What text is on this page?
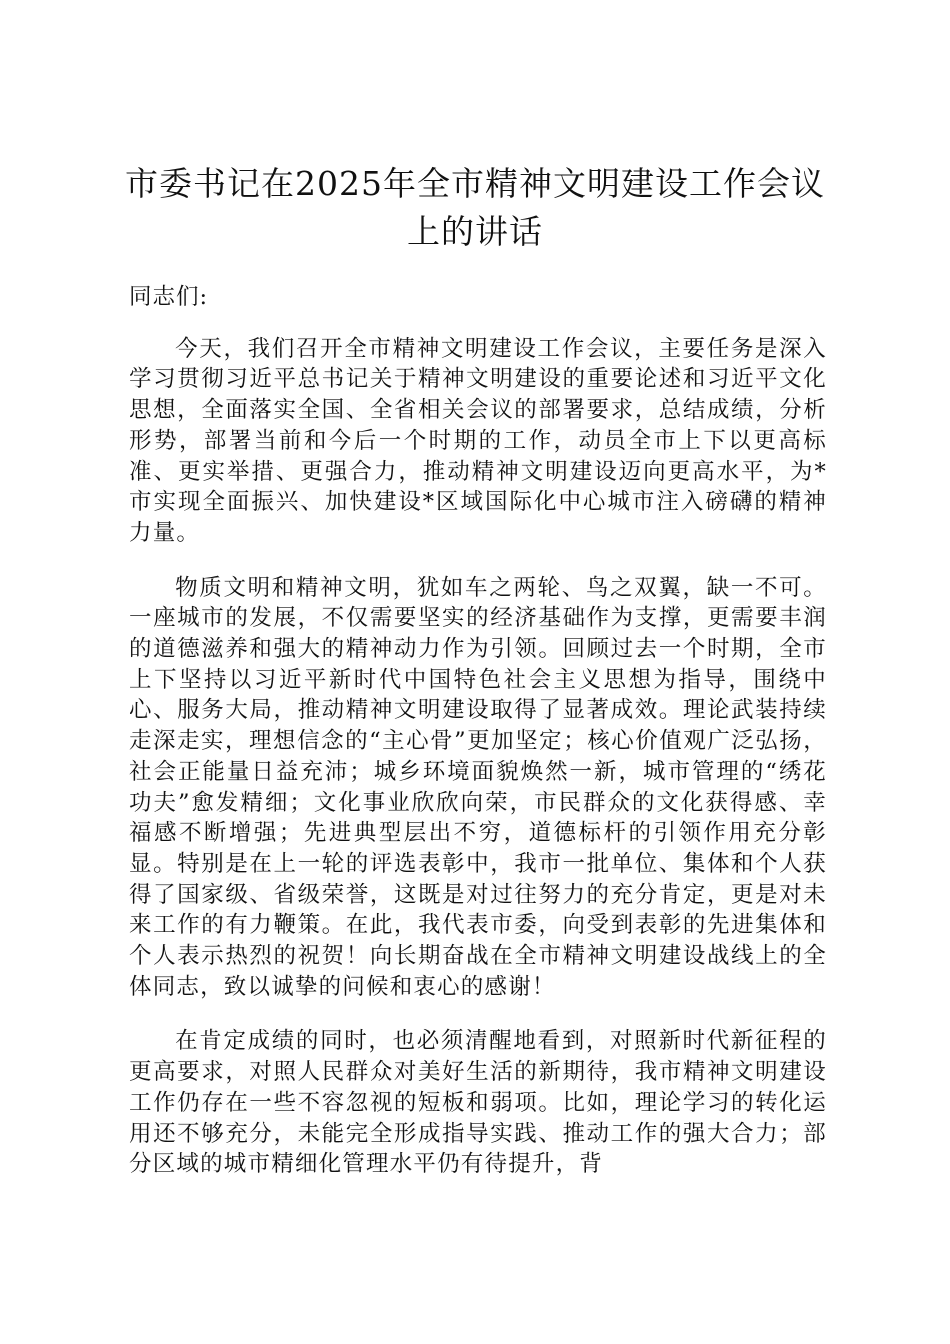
市委书记在2025年全市精神文明建设工作会议上的讲话

同志们:

今天，我们召开全市精神文明建设工作会议，主要任务是深入学习贯彻习近平总书记关于精神文明建设的重要论述和习近平文化思想，全面落实全国、全省相关会议的部署要求，总结成绩，分析形势，部署当前和今后一个时期的工作，动员全市上下以更高标准、更实举措、更强合力，推动精神文明建设迈向更高水平，为*市实现全面振兴、加快建设*区域国际化中心城市注入磅礴的精神力量。

物质文明和精神文明，犹如车之两轮、鸟之双翼，缺一不可。一座城市的发展，不仅需要坚实的经济基础作为支撑，更需要丰润的道德滋养和强大的精神动力作为引领。回顾过去一个时期，全市上下坚持以习近平新时代中国特色社会主义思想为指导，围绕中心、服务大局，推动精神文明建设取得了显著成效。理论武装持续走深走实，理想信念的“主心骨”更加坚定；核心价值观广泛弘扬，社会正能量日益充沛；城乡环境面貌焕然一新，城市管理的“绣花功夫”愈发精细；文化事业欣欣向荣，市民群众的文化获得感、幸福感不断增强；先进典型层出不穷，道德标杆的引领作用充分彰显。特别是在上一轮的评选表彰中，我市一批单位、集体和个人获得了国家级、省级荣誉，这既是对过往努力的充分肯定，更是对未来工作的有力鞭策。在此，我代表市委，向受到表彰的先进集体和个人表示热烈的祝贺！向长期奋战在全市精神文明建设战线上的全体同志，致以诚挚的问候和衷心的感谢！

在肯定成绩的同时，也必须清醒地看到，对照新时代新征程的更高要求，对照人民群众对美好生活的新期待，我市精神文明建设工作仍存在一些不容忽视的短板和弱项。比如，理论学习的转化运用还不够充分，未能完全形成指导实践、推动工作的强大合力；部分区域的城市精细化管理水平仍有待提升，背
